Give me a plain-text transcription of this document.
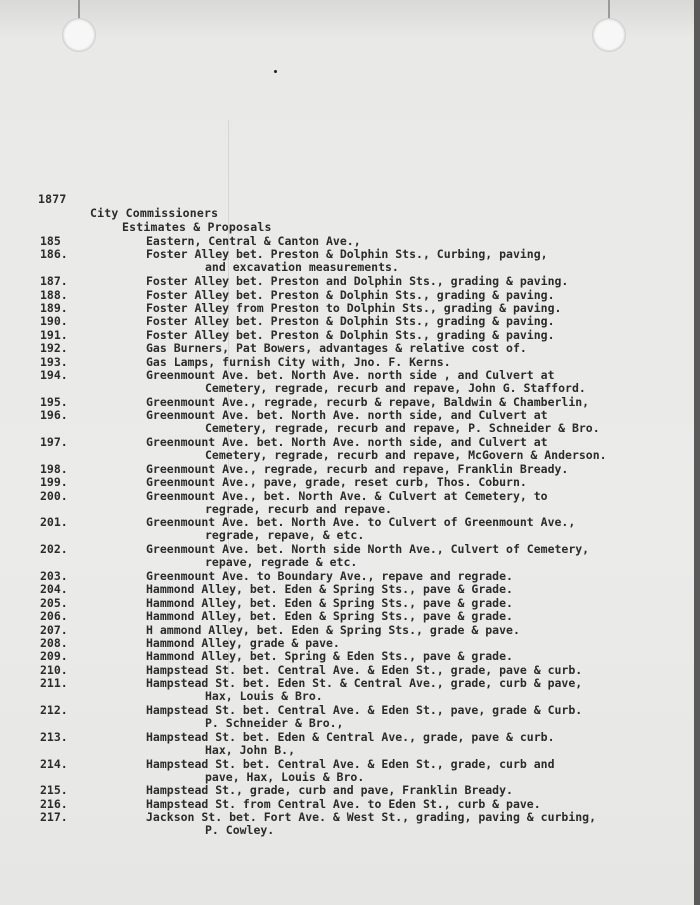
1877
City Commissioners
Estimates & Proposals
185	Eastern, Central & Canton Ave.,
186.	Foster Alley bet. Preston & Dolphin Sts., Curbing, paving,
and excavation measurements.
187.	Foster Alley bet. Preston and Dolphin Sts., grading & paving.
188.	Foster Alley bet. Preston & Dolphin Sts., grading & paving.
189.	Foster Alley from Preston to Dolphin Sts., grading & paving.
190.	Foster Alley bet. Preston & Dolphin Sts., grading & paving.
191.	Foster Alley bet. Preston & Dolphin Sts., grading & paving.
192.	Gas Burners, Pat Bowers, advantages & relative cost of.
193.	Gas Lamps, furnish City with, Jno. F. Kerns.
194.	Greenmount Ave. bet. North Ave. north side , and Culvert at
Cemetery, regrade, recurb and repave, John G. Stafford.
195.	Greenmount Ave., regrade, recurb & repave, Baldwin & Chamberlin,
196.	Greenmount Ave. bet. North Ave. north side, and Culvert at
Cemetery, regrade, recurb and repave, P. Schneider & Bro.
197.	Greenmount Ave. bet. North Ave. north side, and Culvert at
Cemetery, regrade, recurb and repave, McGovern & Anderson.
198.	Greenmount Ave., regrade, recurb and repave, Franklin Bready.
199.	Greenmount Ave., pave, grade, reset curb, Thos. Coburn.
200.	Greenmount Ave., bet. North Ave. & Culvert at Cemetery, to
regrade, recurb and repave.
201.	Greenmount Ave. bet. North Ave. to Culvert of Greenmount Ave.,
regrade, repave, & etc.
202.	Greenmount Ave. bet. North side North Ave., Culvert of Cemetery,
repave, regrade & etc.
203.	Greenmount Ave. to Boundary Ave., repave and regrade.
204.	Hammond Alley, bet. Eden & Spring Sts., pave & Grade.
205.	Hammond Alley, bet. Eden & Spring Sts., pave & grade.
206.	Hammond Alley, bet. Eden & Spring Sts., pave & grade.
207.	H ammond Alley, bet. Eden & Spring Sts., grade & pave.
208.	Hammond Alley, grade & pave.
209.	Hammond Alley, bet. Spring & Eden Sts., pave & grade.
210.	Hampstead St. bet. Central Ave. & Eden St., grade, pave & curb.
211.	Hampstead St. bet. Eden St. & Central Ave., grade, curb & pave,
Hax, Louis & Bro.
212.	Hampstead St. bet. Central Ave. & Eden St., pave, grade & Curb.
P. Schneider & Bro.,
213.	Hampstead St. bet. Eden & Central Ave., grade, pave & curb.
Hax, John B.,
214.	Hampstead St. bet. Central Ave. & Eden St., grade, curb and
pave, Hax, Louis & Bro.
215.	Hampstead St., grade, curb and pave, Franklin Bready.
216.	Hampstead St. from Central Ave. to Eden St., curb & pave.
217.	Jackson St. bet. Fort Ave. & West St., grading, paving & curbing,
P. Cowley.
